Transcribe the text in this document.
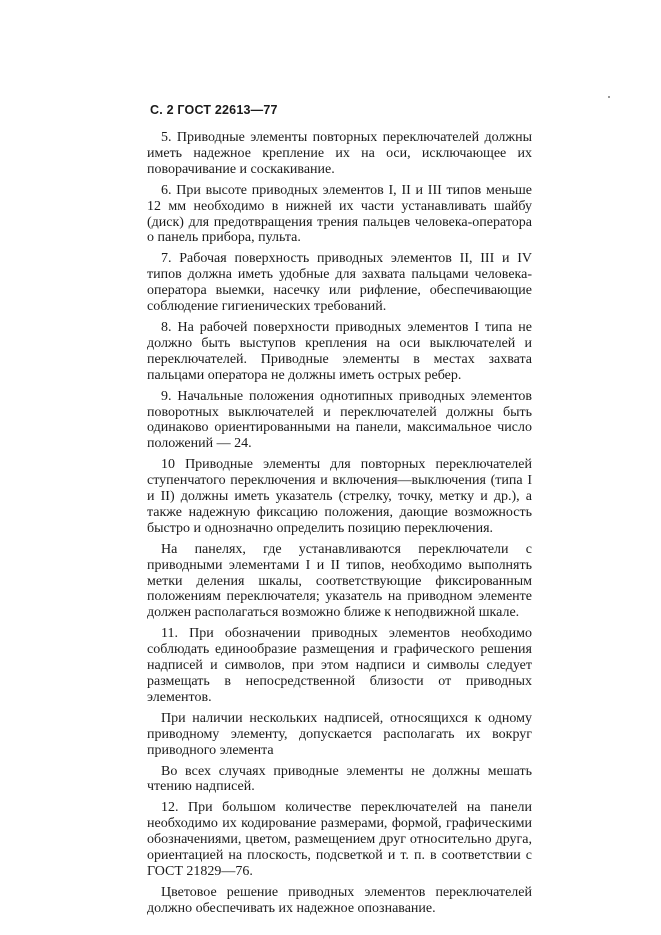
С. 2 ГОСТ 22613—77

5. Приводные элементы повторных переключателей должны иметь надежное крепление их на оси, исключающее их поворачивание и соскакивание.

6. При высоте приводных элементов I, II и III типов меньше 12 мм необходимо в нижней их части устанавливать шайбу (диск) для предотвращения трения пальцев человека-оператора о панель прибора, пульта.

7. Рабочая поверхность приводных элементов II, III и IV типов должна иметь удобные для захвата пальцами человека-оператора выемки, насечку или рифление, обеспечивающие соблюдение гигиенических требований.

8. На рабочей поверхности приводных элементов I типа не должно быть выступов крепления на оси выключателей и переключателей. Приводные элементы в местах захвата пальцами оператора не должны иметь острых ребер.

9. Начальные положения однотипных приводных элементов поворотных выключателей и переключателей должны быть одинаково ориентированными на панели, максимальное число положений — 24.

10 Приводные элементы для повторных переключателей ступенчатого переключения и включения—выключения (типа I и II) должны иметь указатель (стрелку, точку, метку и др.), а также надежную фиксацию положения, дающие возможность быстро и однозначно определить позицию переключения.

На панелях, где устанавливаются переключатели с приводными элементами I и II типов, необходимо выполнять метки деления шкалы, соответствующие фиксированным положениям переключателя; указатель на приводном элементе должен располагаться возможно ближе к неподвижной шкале.

11. При обозначении приводных элементов необходимо соблюдать единообразие размещения и графического решения надписей и символов, при этом надписи и символы следует размещать в непосредственной близости от приводных элементов.

При наличии нескольких надписей, относящихся к одному приводному элементу, допускается располагать их вокруг приводного элемента

Во всех случаях приводные элементы не должны мешать чтению надписей.

12. При большом количестве переключателей на панели необходимо их кодирование размерами, формой, графическими обозначениями, цветом, размещением друг относительно друга, ориентацией на плоскость, подсветкой и т. п. в соответствии с ГОСТ 21829—76.

Цветовое решение приводных элементов переключателей должно обеспечивать их надежное опознавание.
